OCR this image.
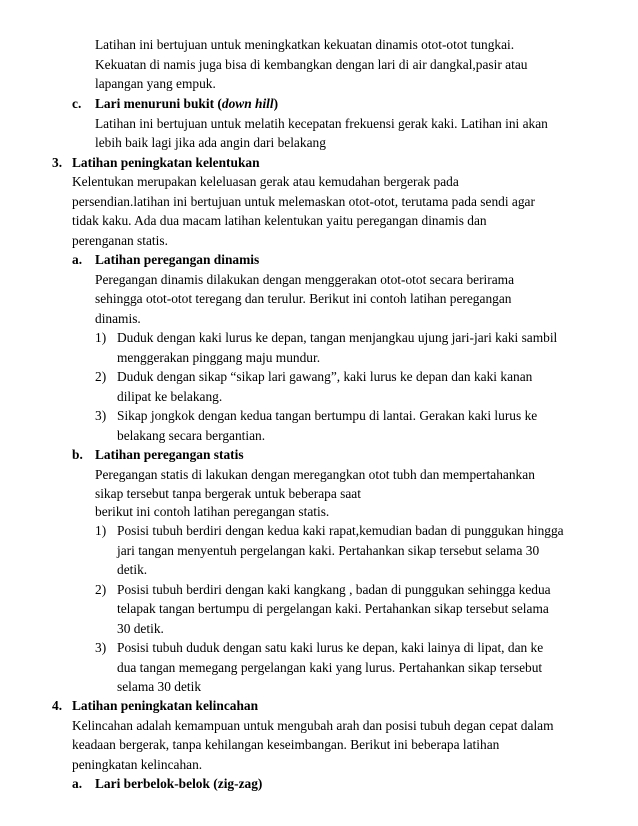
Latihan ini bertujuan untuk meningkatkan kekuatan dinamis otot-otot tungkai.
Kekuatan di namis juga bisa di kembangkan dengan lari di air dangkal,pasir atau
lapangan yang empuk.
c. Lari menuruni bukit (down hill)
Latihan ini bertujuan untuk melatih kecepatan frekuensi gerak kaki. Latihan ini akan
lebih baik lagi jika ada angin dari belakang
3. Latihan peningkatan kelentukan
Kelentukan merupakan keleluasan gerak atau kemudahan bergerak pada
persendian.latihan ini bertujuan untuk melemaskan otot-otot, terutama pada sendi agar
tidak kaku. Ada dua macam latihan kelentukan yaitu peregangan dinamis dan
perenganan statis.
a. Latihan peregangan dinamis
Peregangan dinamis dilakukan dengan menggerakan otot-otot secara berirama
sehingga otot-otot teregang dan terulur. Berikut ini contoh latihan peregangan
dinamis.
1) Duduk dengan kaki lurus ke depan, tangan menjangkau ujung jari-jari kaki sambil
menggerakan pinggang maju mundur.
2) Duduk dengan sikap “sikap lari gawang”, kaki lurus ke depan dan kaki kanan
dilipat ke belakang.
3) Sikap jongkok dengan kedua tangan bertumpu di lantai. Gerakan kaki lurus ke
belakang secara bergantian.
b. Latihan peregangan statis
Peregangan statis di lakukan dengan meregangkan otot tubh dan mempertahankan
sikap tersebut tanpa bergerak untuk beberapa saat
berikut ini contoh latihan peregangan statis.
1) Posisi tubuh berdiri dengan kedua kaki rapat,kemudian badan di punggukan hingga
jari tangan menyentuh pergelangan kaki. Pertahankan sikap tersebut selama 30
detik.
2) Posisi tubuh berdiri dengan kaki kangkang , badan di punggukan sehingga kedua
telapak tangan bertumpu di pergelangan kaki. Pertahankan sikap tersebut selama
30 detik.
3) Posisi tubuh duduk dengan satu kaki lurus ke depan, kaki lainya di lipat, dan ke
dua tangan memegang pergelangan kaki yang lurus. Pertahankan sikap tersebut
selama 30 detik
4. Latihan peningkatan kelincahan
Kelincahan adalah kemampuan untuk mengubah arah dan posisi tubuh degan cepat dalam
keadaan bergerak, tanpa kehilangan keseimbangan. Berikut ini beberapa latihan
peningkatan kelincahan.
a. Lari berbelok-belok (zig-zag)
